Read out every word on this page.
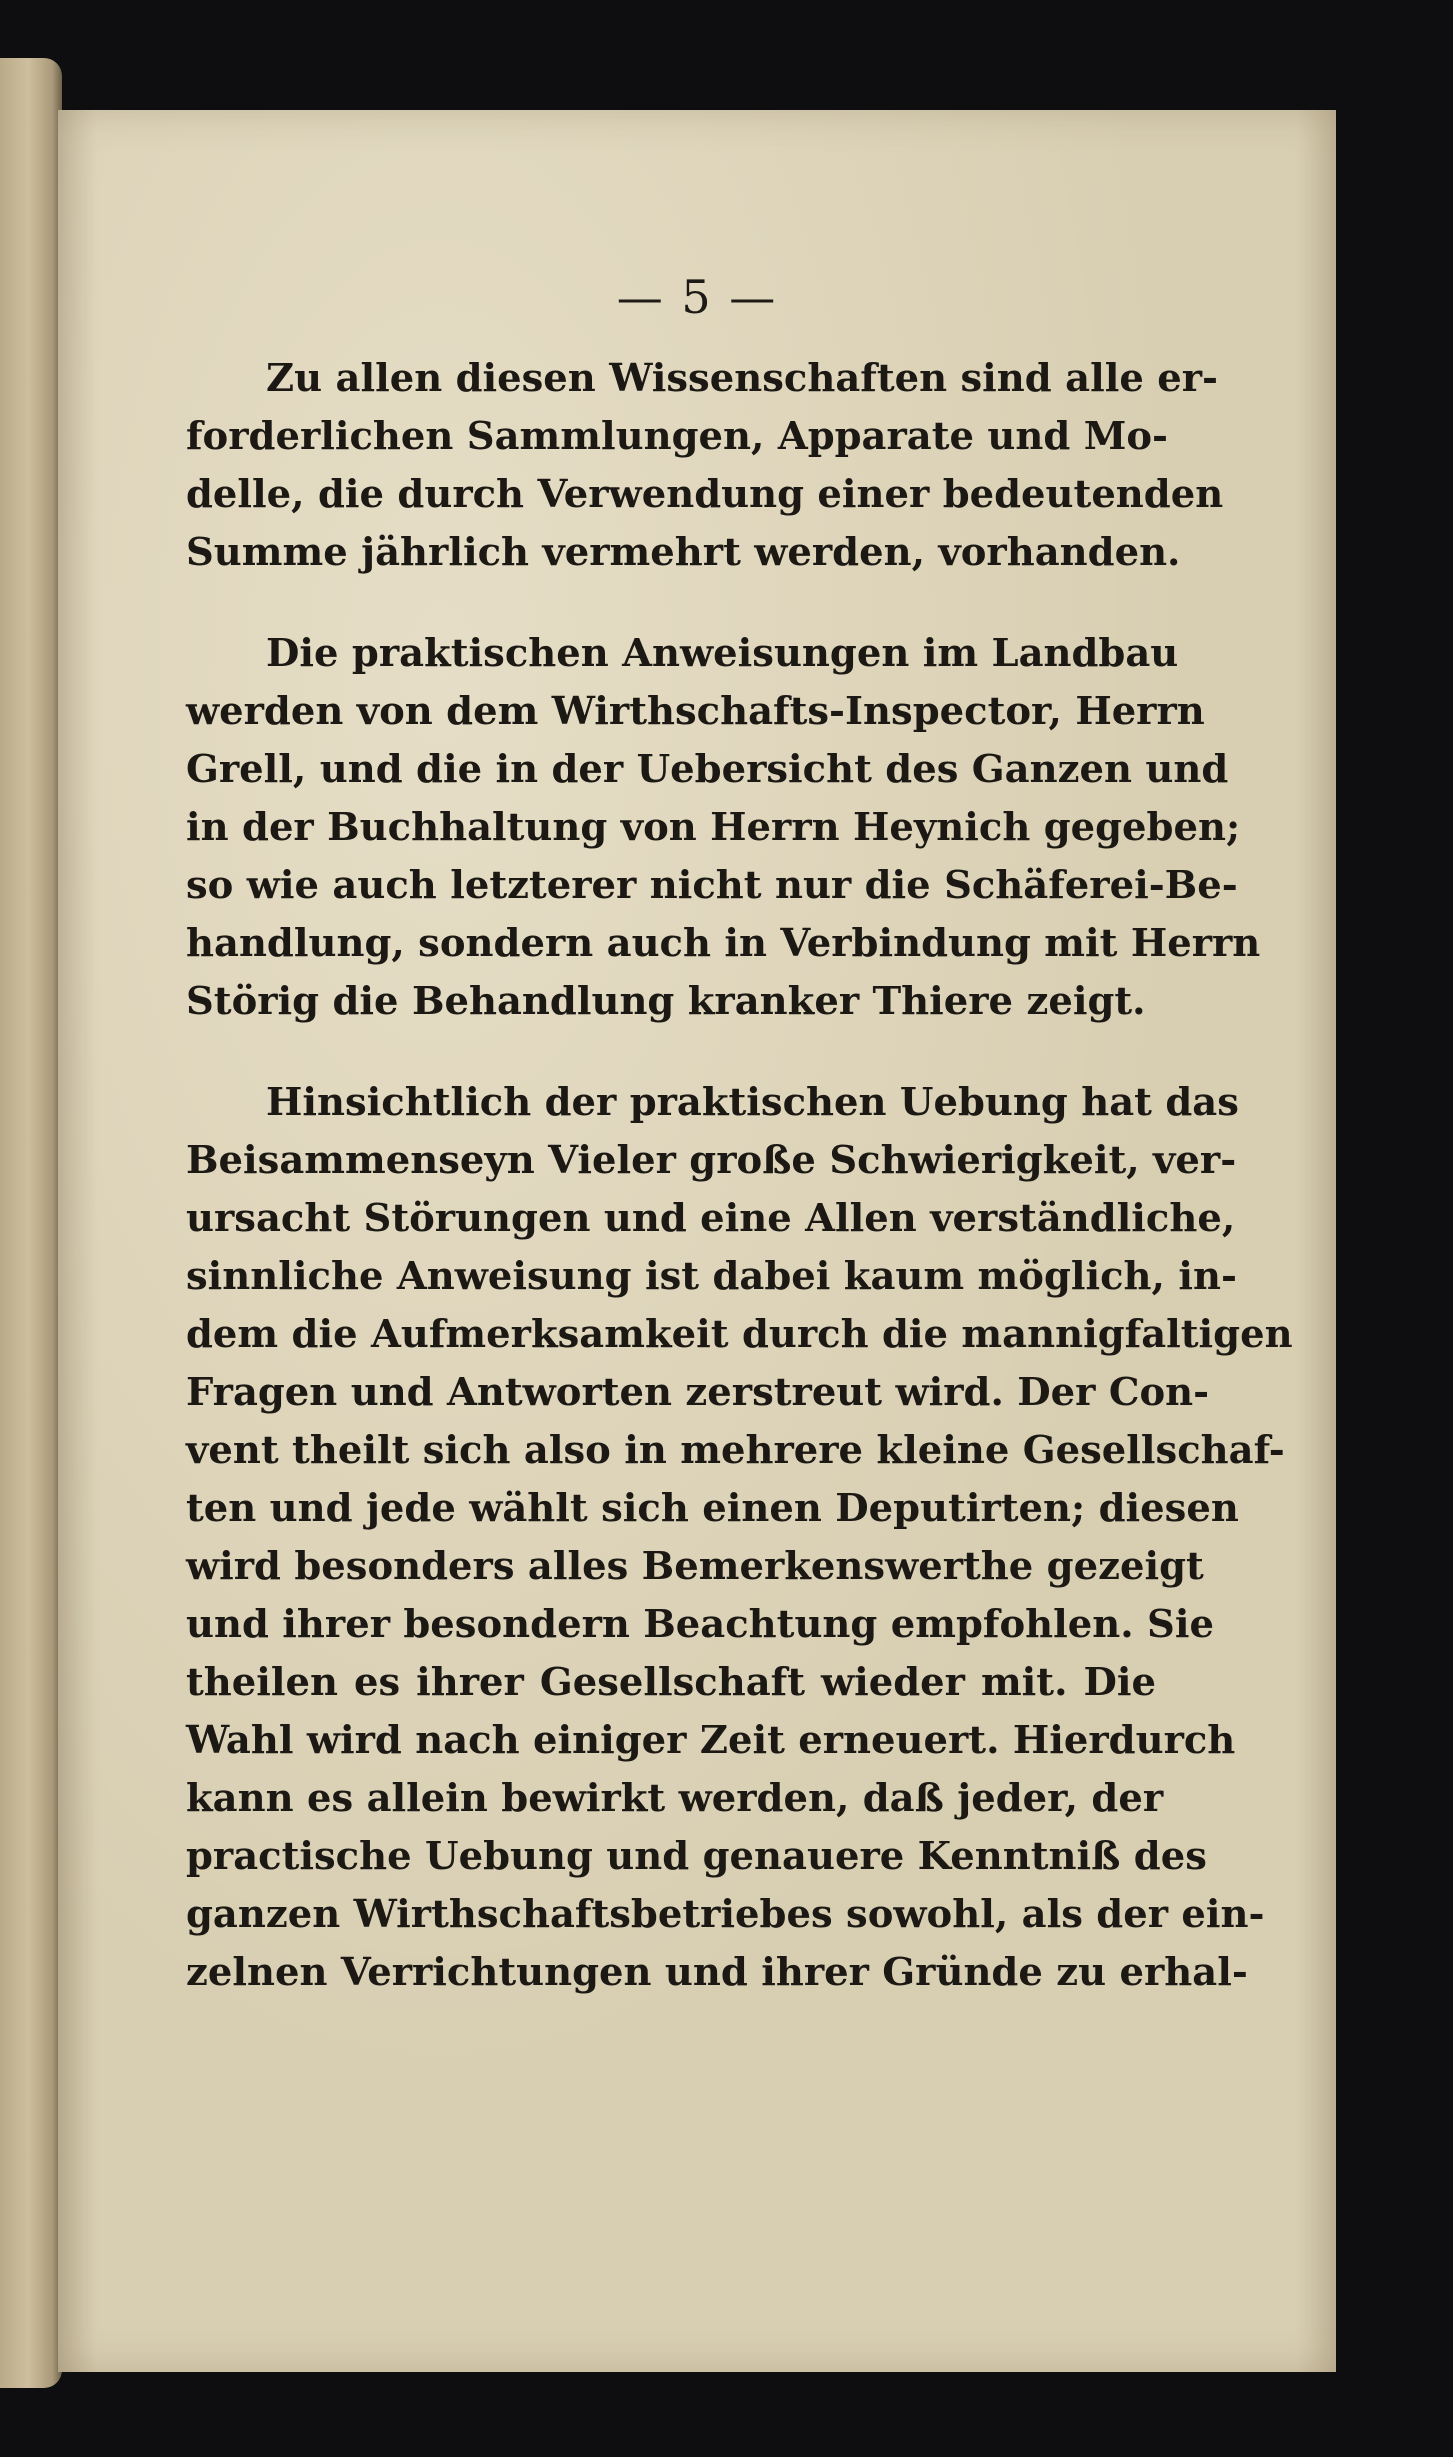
— 5 —
Zu allen diesen Wissenschaften sind alle er-
forderlichen Sammlungen, Apparate und Mo-
delle, die durch Verwendung einer bedeutenden
Summe jährlich vermehrt werden, vorhanden.
Die praktischen Anweisungen im Landbau
werden von dem Wirthschafts-Inspector, Herrn
Grell, und die in der Uebersicht des Ganzen und
in der Buchhaltung von Herrn Heynich gegeben;
so wie auch letzterer nicht nur die Schäferei-Be-
handlung, sondern auch in Verbindung mit Herrn
Störig die Behandlung kranker Thiere zeigt.
Hinsichtlich der praktischen Uebung hat das
Beisammenseyn Vieler große Schwierigkeit, ver-
ursacht Störungen und eine Allen verständliche,
sinnliche Anweisung ist dabei kaum möglich, in-
dem die Aufmerksamkeit durch die mannigfaltigen
Fragen und Antworten zerstreut wird. Der Con-
vent theilt sich also in mehrere kleine Gesellschaf-
ten und jede wählt sich einen Deputirten; diesen
wird besonders alles Bemerkenswerthe gezeigt
und ihrer besondern Beachtung empfohlen. Sie
theilen es ihrer Gesellschaft wieder mit. Die
Wahl wird nach einiger Zeit erneuert. Hierdurch
kann es allein bewirkt werden, daß jeder, der
practische Uebung und genauere Kenntniß des
ganzen Wirthschaftsbetriebes sowohl, als der ein-
zelnen Verrichtungen und ihrer Gründe zu erhal-
